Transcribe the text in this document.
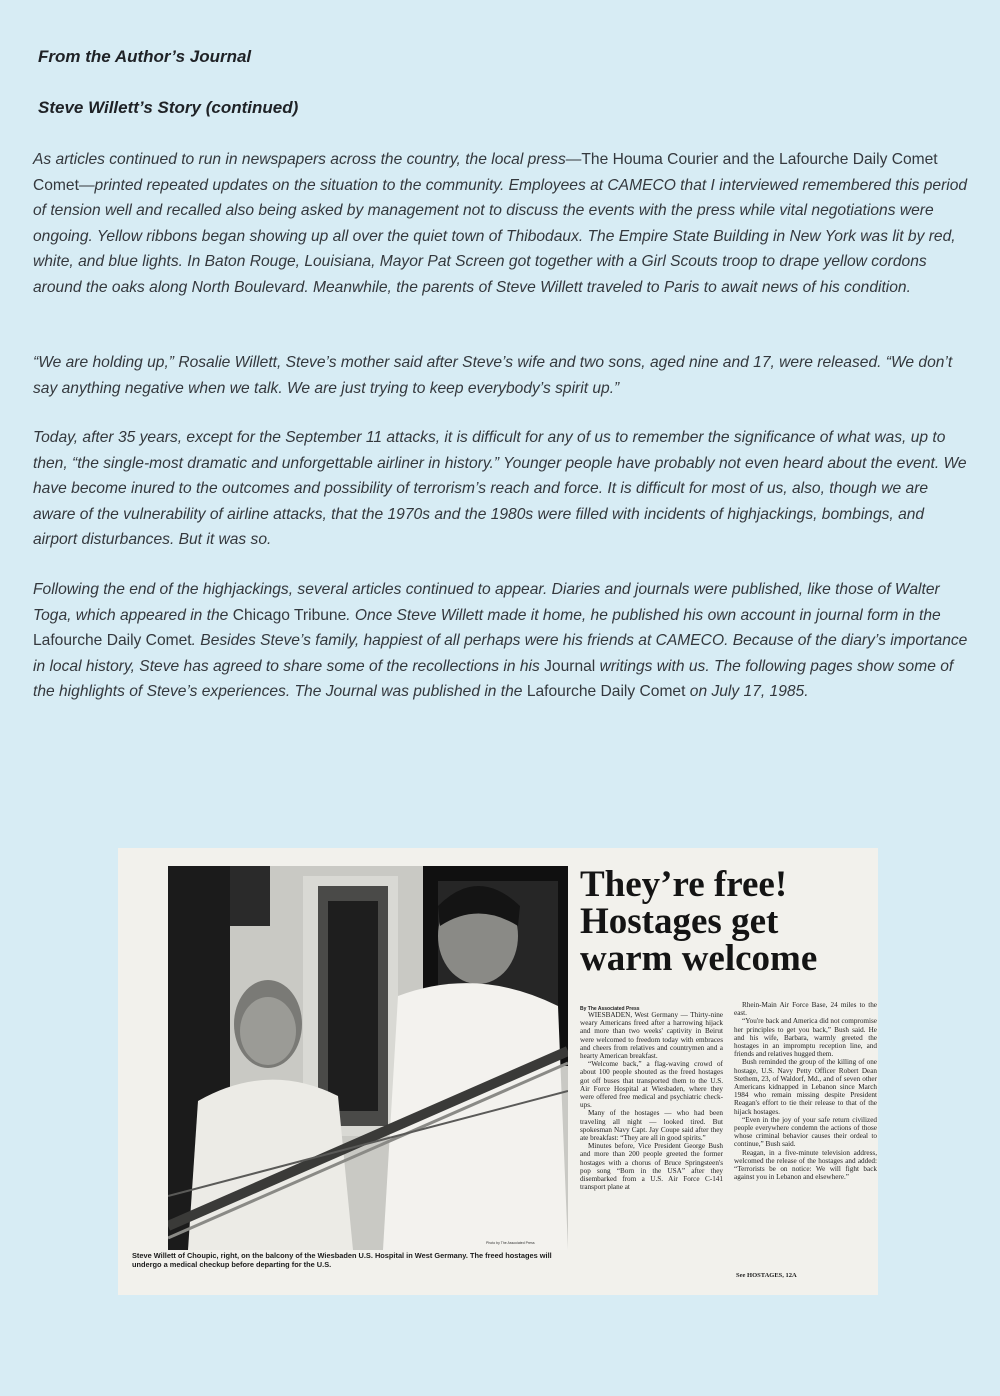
From the Author’s Journal
Steve Willett’s Story (continued)

As articles continued to run in newspapers across the country, the local press—The Houma Courier and the Lafourche Daily Comet Comet—printed repeated updates on the situation to the community. Employees at CAMECO that I interviewed remembered this period of tension well and recalled also being asked by management not to discuss the events with the press while vital negotiations were ongoing. Yellow ribbons began showing up all over the quiet town of Thibodaux. The Empire State Building in New York was lit by red, white, and blue lights. In Baton Rouge, Louisiana, Mayor Pat Screen got together with a Girl Scouts troop to drape yellow cordons around the oaks along North Boulevard. Meanwhile, the parents of Steve Willett traveled to Paris to await news of his condition.

“We are holding up,” Rosalie Willett, Steve’s mother said after Steve’s wife and two sons, aged nine and 17, were released. “We don’t say anything negative when we talk. We are just trying to keep everybody’s spirit up.”

Today, after 35 years, except for the September 11 attacks, it is difficult for any of us to remember the significance of what was, up to then, “the single-most dramatic and unforgettable airliner in history.” Younger people have probably not even heard about the event. We have become inured to the outcomes and possibility of terrorism’s reach and force. It is difficult for most of us, also, though we are aware of the vulnerability of airline attacks, that the 1970s and the 1980s were filled with incidents of highjackings, bombings, and airport disturbances. But it was so.

Following the end of the highjackings, several articles continued to appear. Diaries and journals were published, like those of Walter Toga, which appeared in the Chicago Tribune. Once Steve Willett made it home, he published his own account in journal form in the Lafourche Daily Comet. Besides Steve’s family, happiest of all perhaps were his friends at CAMECO. Because of the diary’s importance in local history, Steve has agreed to share some of the recollections in his Journal writings with us. The following pages show some of the highlights of Steve’s experiences. The Journal was published in the Lafourche Daily Comet on July 17, 1985.

They’re free!
Hostages get
warm welcome
By The Associated Press

WIESBADEN, West Germany — Thirty-nine weary Americans freed after a harrowing hijack and more than two weeks' captivity in Beirut were welcomed to freedom today with embraces and cheers from relatives and countrymen and a hearty American breakfast.

“Welcome back,” a flag-waving crowd of about 100 people shouted as the freed hostages got off buses that transported them to the U.S. Air Force Hospital at Wiesbaden, where they were offered free medical and psychiatric check-ups.

Many of the hostages — who had been traveling all night — looked tired. But spokesman Navy Capt. Jay Coupe said after they ate breakfast: “They are all in good spirits.”

Minutes before, Vice President George Bush and more than 200 people greeted the former hostages with a chorus of Bruce Springsteen's pop song “Born in the USA” after they disembarked from a U.S. Air Force C-141 transport plane at

Rhein-Main Air Force Base, 24 miles to the east.

“You're back and America did not compromise her principles to get you back,” Bush said. He and his wife, Barbara, warmly greeted the hostages in an impromptu reception line, and friends and relatives hugged them.

Bush reminded the group of the killing of one hostage, U.S. Navy Petty Officer Robert Dean Stethem, 23, of Waldorf, Md., and of seven other Americans kidnapped in Lebanon since March 1984 who remain missing despite President Reagan's effort to tie their release to that of the hijack hostages.

“Even in the joy of your safe return civilized people everywhere condemn the actions of those whose criminal behavior causes their ordeal to continue,” Bush said.

Reagan, in a five-minute television address, welcomed the release of the hostages and added: “Terrorists be on notice: We will fight back against you in Lebanon and elsewhere.”

See HOSTAGES, 12A
Photo by The Associated Press
Steve Willett of Choupic, right, on the balcony of the Wiesbaden U.S. Hospital in West Germany. The freed hostages will undergo a medical checkup before departing for the U.S.
